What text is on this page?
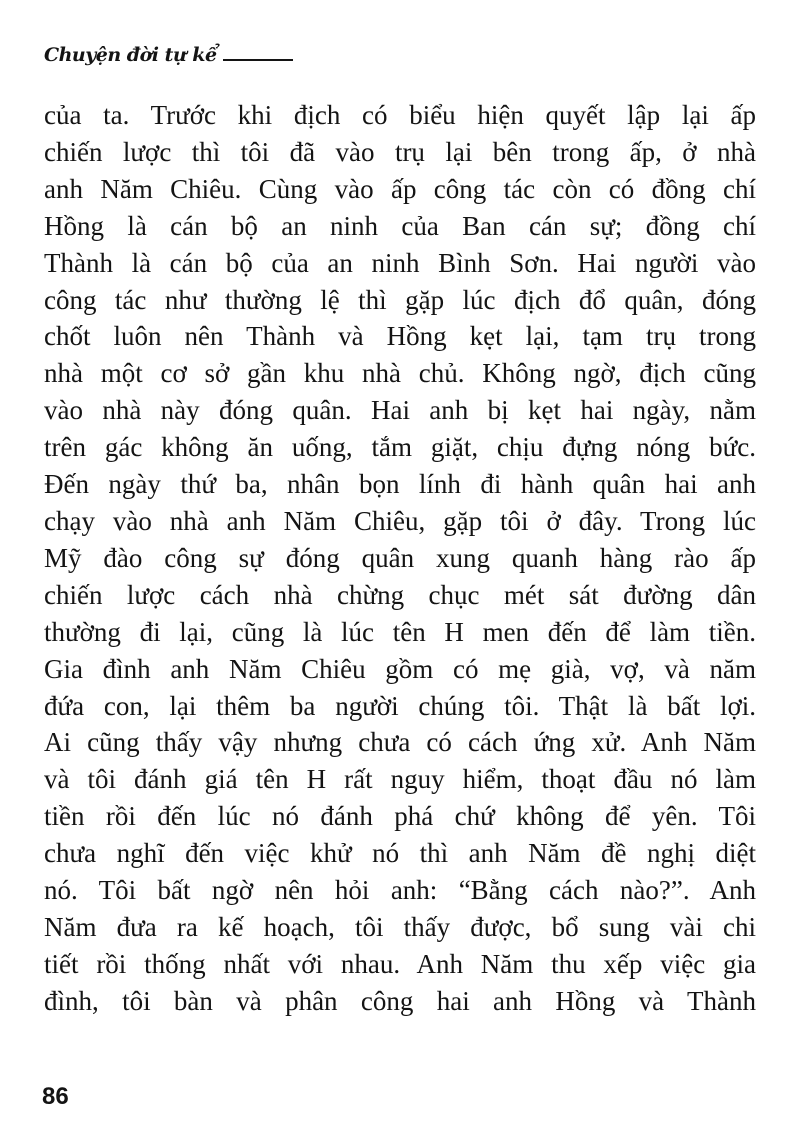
Chuyện đời tự kể
của ta. Trước khi địch có biểu hiện quyết lập lại ấp
chiến lược thì tôi đã vào trụ lại bên trong ấp, ở nhà
anh Năm Chiêu. Cùng vào ấp công tác còn có đồng chí
Hồng là cán bộ an ninh của Ban cán sự; đồng chí
Thành là cán bộ của an ninh Bình Sơn. Hai người vào
công tác như thường lệ thì gặp lúc địch đổ quân, đóng
chốt luôn nên Thành và Hồng kẹt lại, tạm trụ trong
nhà một cơ sở gần khu nhà chủ. Không ngờ, địch cũng
vào nhà này đóng quân. Hai anh bị kẹt hai ngày, nằm
trên gác không ăn uống, tắm giặt, chịu đựng nóng bức.
Đến ngày thứ ba, nhân bọn lính đi hành quân hai anh
chạy vào nhà anh Năm Chiêu, gặp tôi ở đây. Trong lúc
Mỹ đào công sự đóng quân xung quanh hàng rào ấp
chiến lược cách nhà chừng chục mét sát đường dân
thường đi lại, cũng là lúc tên H men đến để làm tiền.
Gia đình anh Năm Chiêu gồm có mẹ già, vợ, và năm
đứa con, lại thêm ba người chúng tôi. Thật là bất lợi.
Ai cũng thấy vậy nhưng chưa có cách ứng xử. Anh Năm
và tôi đánh giá tên H rất nguy hiểm, thoạt đầu nó làm
tiền rồi đến lúc nó đánh phá chứ không để yên. Tôi
chưa nghĩ đến việc khử nó thì anh Năm đề nghị diệt
nó. Tôi bất ngờ nên hỏi anh: “Bằng cách nào?”. Anh
Năm đưa ra kế hoạch, tôi thấy được, bổ sung vài chi
tiết rồi thống nhất với nhau. Anh Năm thu xếp việc gia
đình, tôi bàn và phân công hai anh Hồng và Thành
86
